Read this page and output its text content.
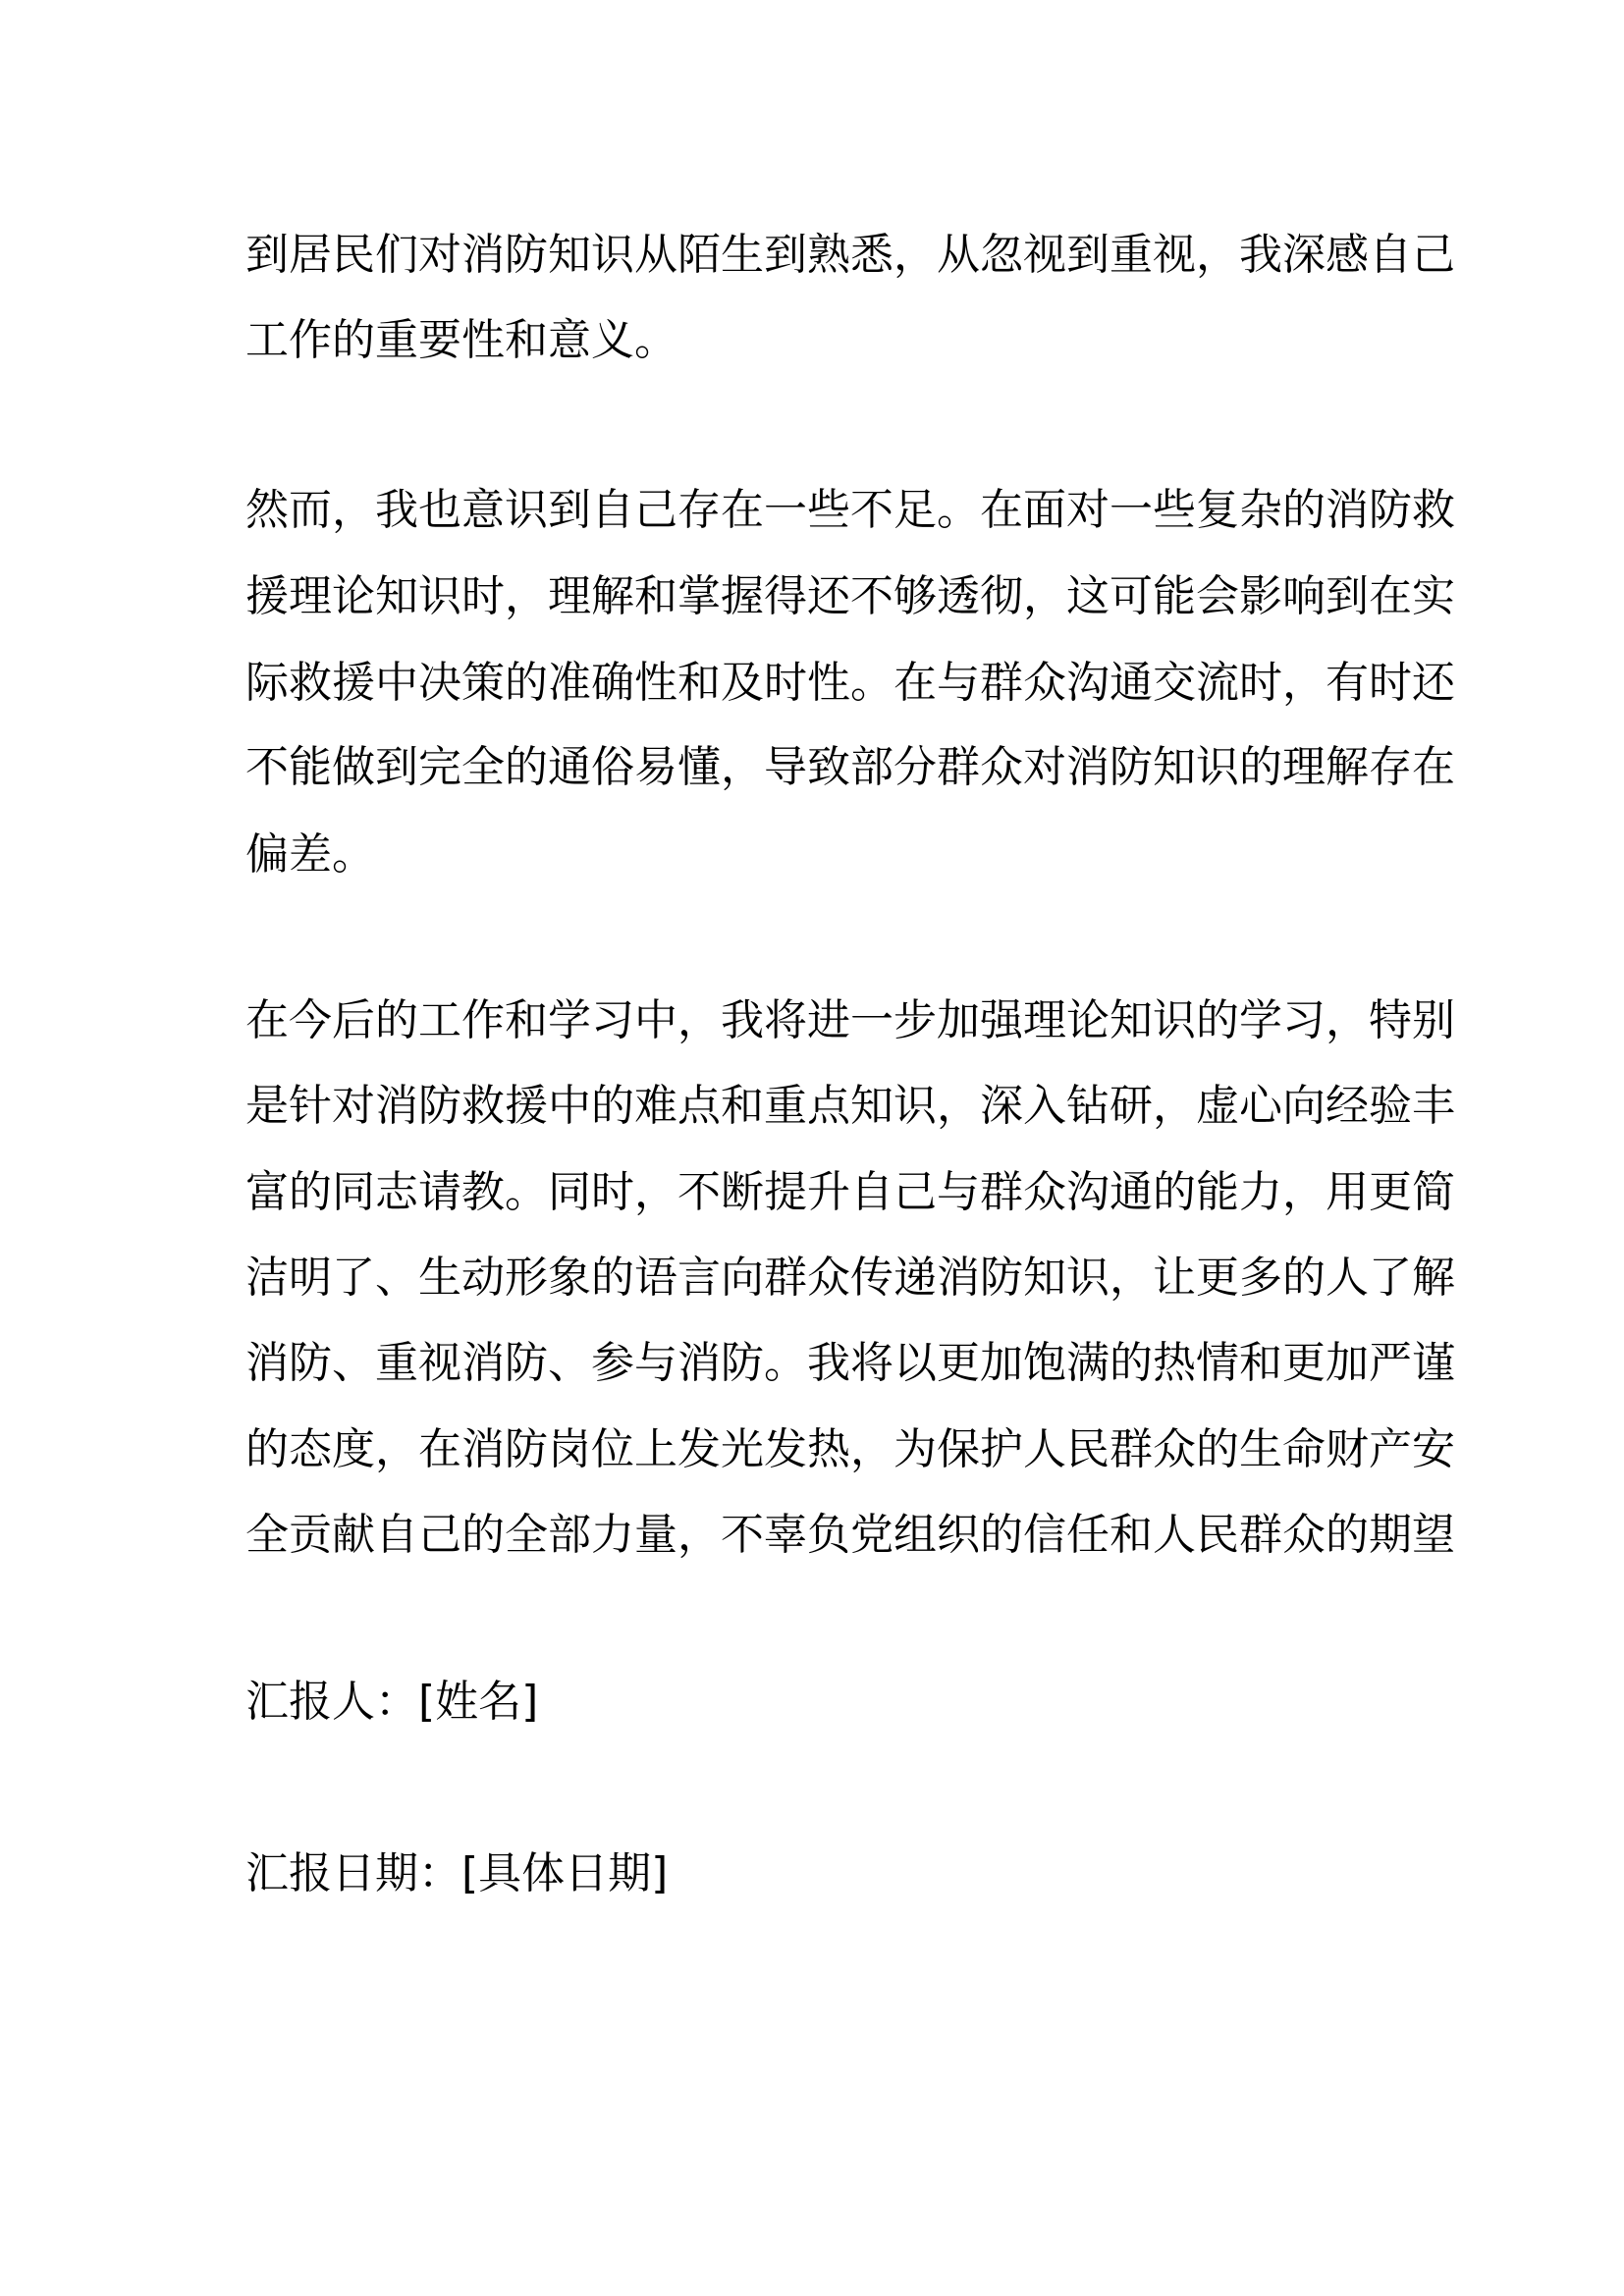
到居民们对消防知识从陌生到熟悉，从忽视到重视，我深感自己
工作的重要性和意义。
然而，我也意识到自己存在一些不足。在面对一些复杂的消防救
援理论知识时，理解和掌握得还不够透彻，这可能会影响到在实
际救援中决策的准确性和及时性。在与群众沟通交流时，有时还
不能做到完全的通俗易懂，导致部分群众对消防知识的理解存在
偏差。
在今后的工作和学习中，我将进一步加强理论知识的学习，特别
是针对消防救援中的难点和重点知识，深入钻研，虚心向经验丰
富的同志请教。同时，不断提升自己与群众沟通的能力，用更简
洁明了、生动形象的语言向群众传递消防知识，让更多的人了解
消防、重视消防、参与消防。我将以更加饱满的热情和更加严谨
的态度，在消防岗位上发光发热，为保护人民群众的生命财产安
全贡献自己的全部力量，不辜负党组织的信任和人民群众的期望
汇报人：[姓名]
汇报日期：[具体日期]
